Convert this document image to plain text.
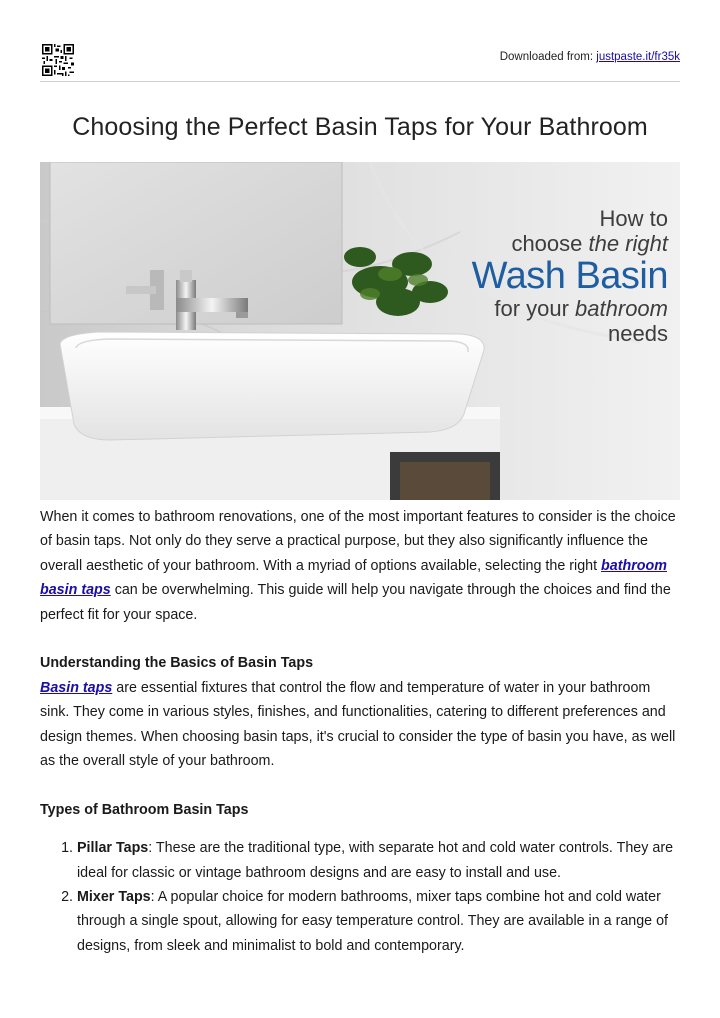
Downloaded from: justpaste.it/fr35k
Choosing the Perfect Basin Taps for Your Bathroom
How to
choose the right
Wash Basin
for your bathroom
needs

When it comes to bathroom renovations, one of the most important features to consider is the choice of basin taps. Not only do they serve a practical purpose, but they also significantly influence the overall aesthetic of your bathroom. With a myriad of options available, selecting the right bathroom basin taps can be overwhelming. This guide will help you navigate through the choices and find the perfect fit for your space.

Understanding the Basics of Basin Taps

Basin taps are essential fixtures that control the flow and temperature of water in your bathroom sink. They come in various styles, finishes, and functionalities, catering to different preferences and design themes. When choosing basin taps, it's crucial to consider the type of basin you have, as well as the overall style of your bathroom.

Types of Bathroom Basin Taps
1. Pillar Taps: These are the traditional type, with separate hot and cold water controls. They are ideal for classic or vintage bathroom designs and are easy to install and use.
2. Mixer Taps: A popular choice for modern bathrooms, mixer taps combine hot and cold water through a single spout, allowing for easy temperature control. They are available in a range of designs, from sleek and minimalist to bold and contemporary.
